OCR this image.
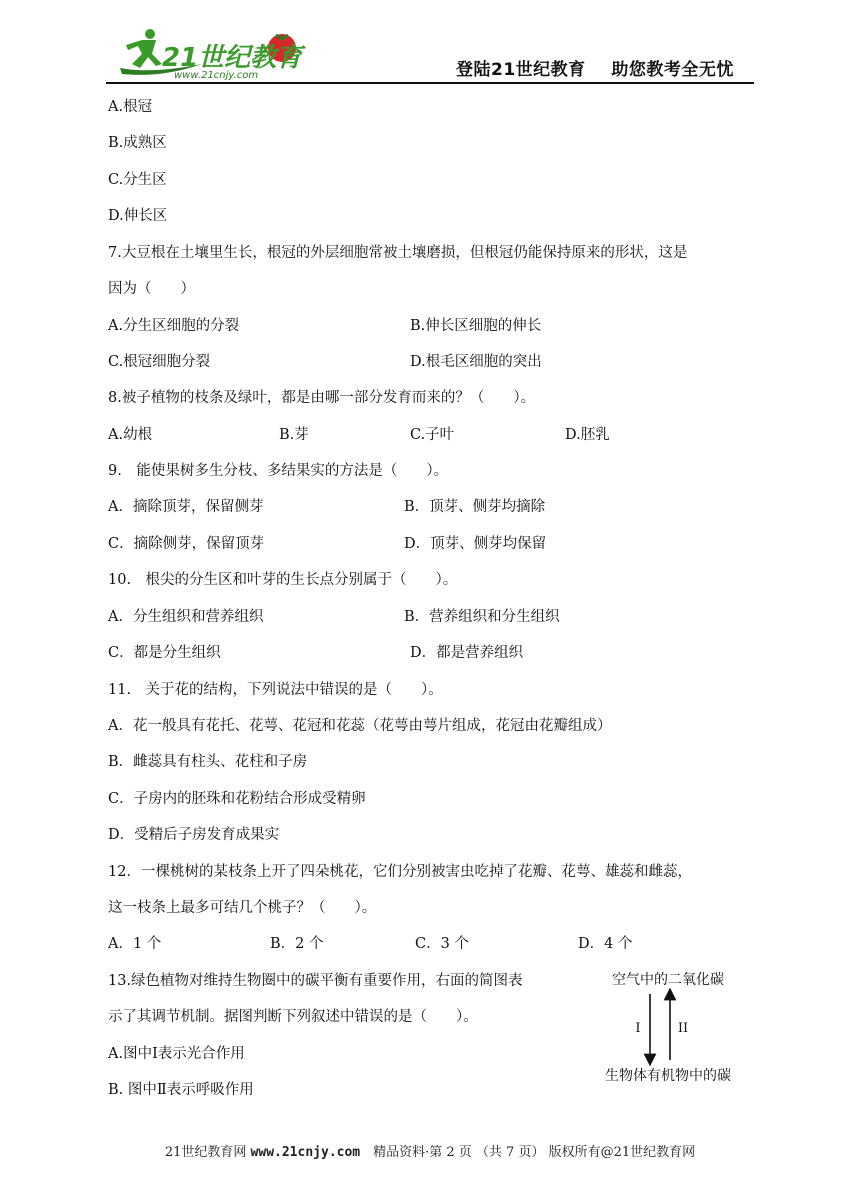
21世纪教育
www.21cnjy.com	登陆21世纪教育    助您教考全无忧
A.根冠
B.成熟区
C.分生区
D.伸长区
7.大豆根在土壤里生长，根冠的外层细胞常被土壤磨损，但根冠仍能保持原来的形状，这是
因为（　　）
A.分生区细胞的分裂	B.伸长区细胞的伸长
C.根冠细胞分裂	D.根毛区细胞的突出
8.被子植物的枝条及绿叶，都是由哪一部分发育而来的？（　　）。
A.幼根	B.芽	C.子叶	D.胚乳
9.　能使果树多生分枝、多结果实的方法是（　　）。
A．摘除顶芽，保留侧芽	B．顶芽、侧芽均摘除
C．摘除侧芽，保留顶芽	D．顶芽、侧芽均保留
10.　根尖的分生区和叶芽的生长点分别属于（　　）。
A．分生组织和营养组织	B．营养组织和分生组织
C．都是分生组织	D．都是营养组织
11.　关于花的结构，下列说法中错误的是（　　）。
A．花一般具有花托、花萼、花冠和花蕊（花萼由萼片组成，花冠由花瓣组成）
B．雌蕊具有柱头、花柱和子房
C．子房内的胚珠和花粉结合形成受精卵
D．受精后子房发育成果实
12．一棵桃树的某枝条上开了四朵桃花，它们分别被害虫吃掉了花瓣、花萼、雄蕊和雌蕊，
这一枝条上最多可结几个桃子？（　　）。
A．1 个	B．2 个	C．3 个	D．4 个
13.绿色植物对维持生物圈中的碳平衡有重要作用，右面的简图表
示了其调节机制。据图判断下列叙述中错误的是（　　）。
A.图中Ⅰ表示光合作用
B. 图中Ⅱ表示呼吸作用
空气中的二氧化碳
I	II
生物体有机物中的碳
21世纪教育网 www.21cnjy.com　精品资料·第 2 页 （共 7 页） 版权所有@21世纪教育网
